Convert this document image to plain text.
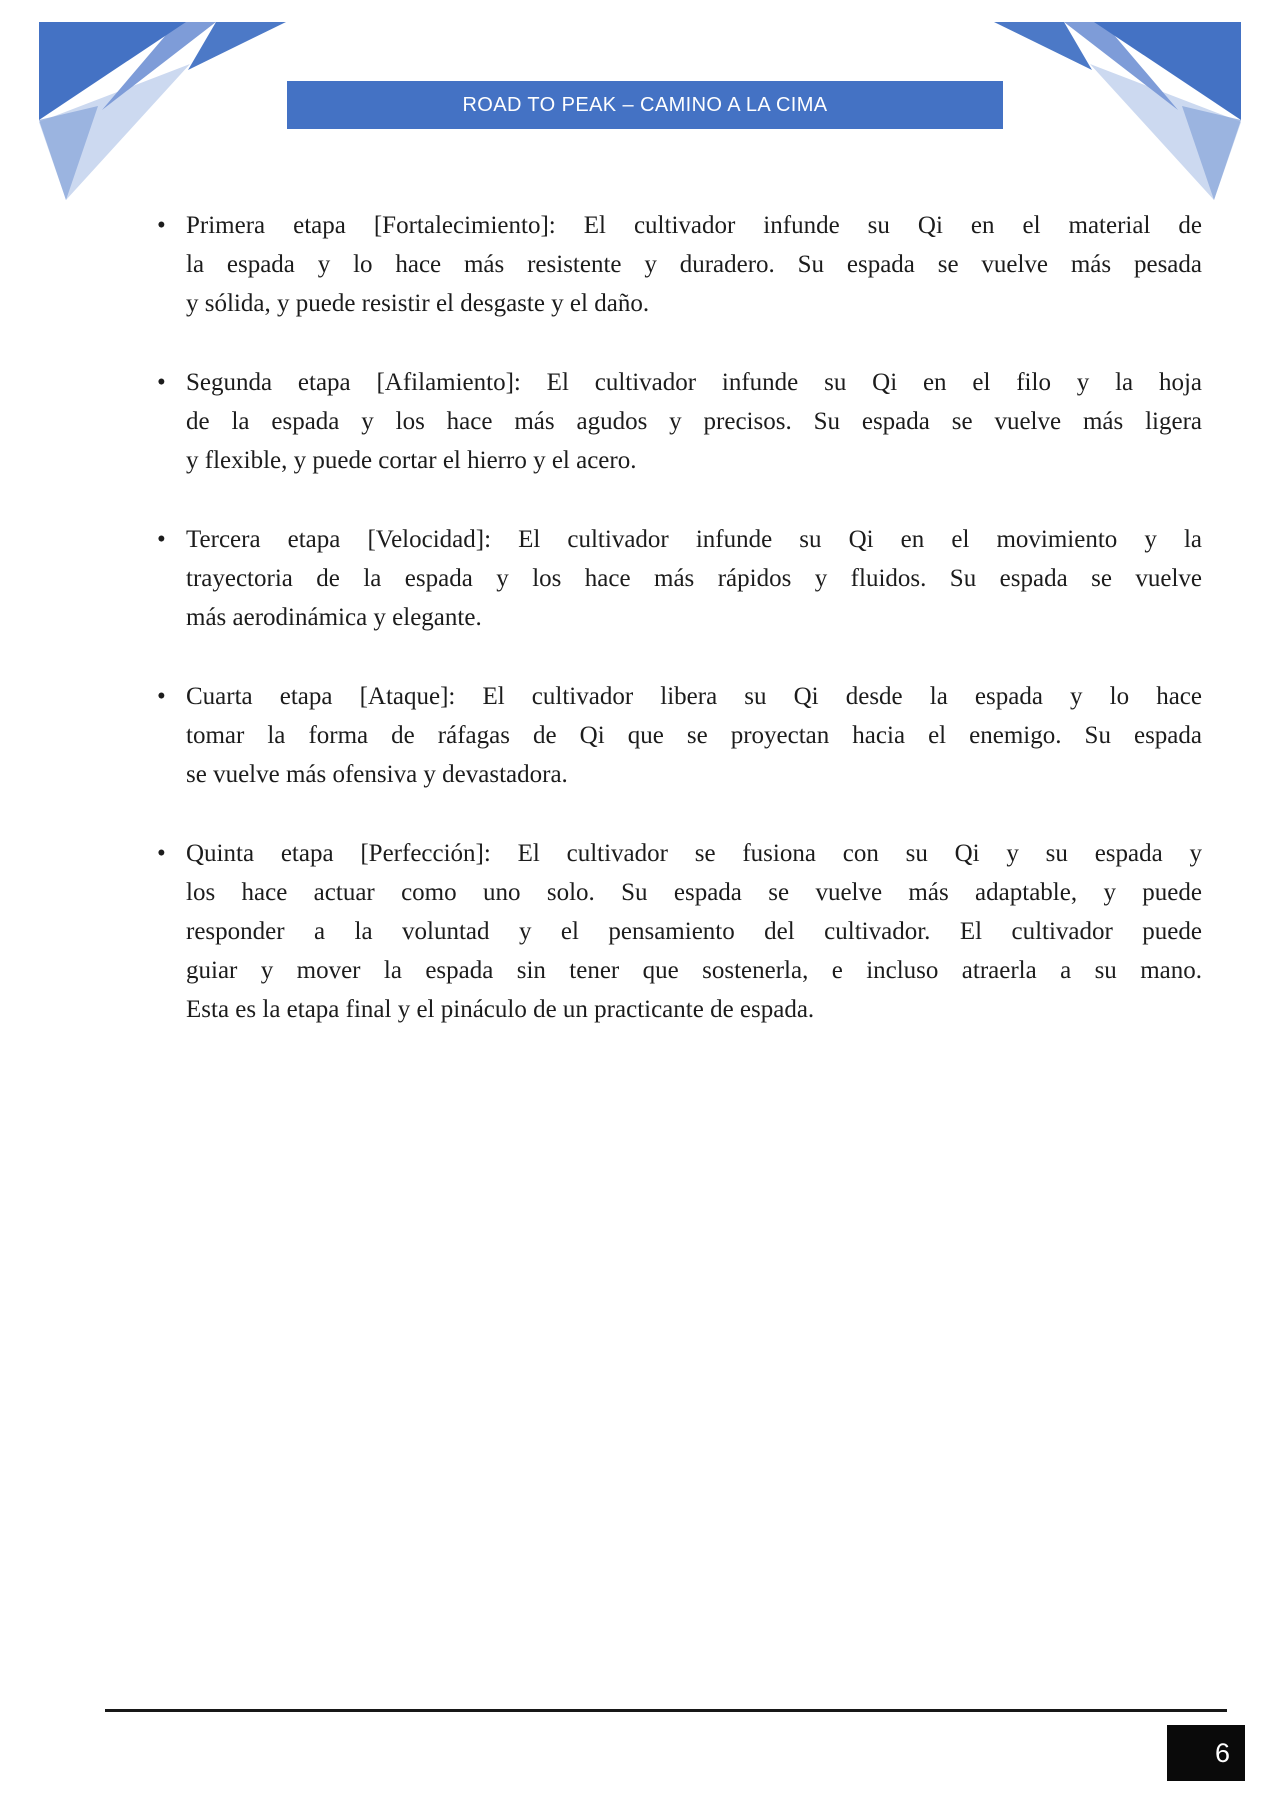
ROAD TO PEAK – CAMINO A LA CIMA
• Primera etapa [Fortalecimiento]: El cultivador infunde su Qi en el material de
la espada y lo hace más resistente y duradero. Su espada se vuelve más pesada
y sólida, y puede resistir el desgaste y el daño.
• Segunda etapa [Afilamiento]: El cultivador infunde su Qi en el filo y la hoja
de la espada y los hace más agudos y precisos. Su espada se vuelve más ligera
y flexible, y puede cortar el hierro y el acero.
• Tercera etapa [Velocidad]: El cultivador infunde su Qi en el movimiento y la
trayectoria de la espada y los hace más rápidos y fluidos. Su espada se vuelve
más aerodinámica y elegante.
• Cuarta etapa [Ataque]: El cultivador libera su Qi desde la espada y lo hace
tomar la forma de ráfagas de Qi que se proyectan hacia el enemigo. Su espada
se vuelve más ofensiva y devastadora.
• Quinta etapa [Perfección]: El cultivador se fusiona con su Qi y su espada y
los hace actuar como uno solo. Su espada se vuelve más adaptable, y puede
responder a la voluntad y el pensamiento del cultivador. El cultivador puede
guiar y mover la espada sin tener que sostenerla, e incluso atraerla a su mano.
Esta es la etapa final y el pináculo de un practicante de espada.
6
